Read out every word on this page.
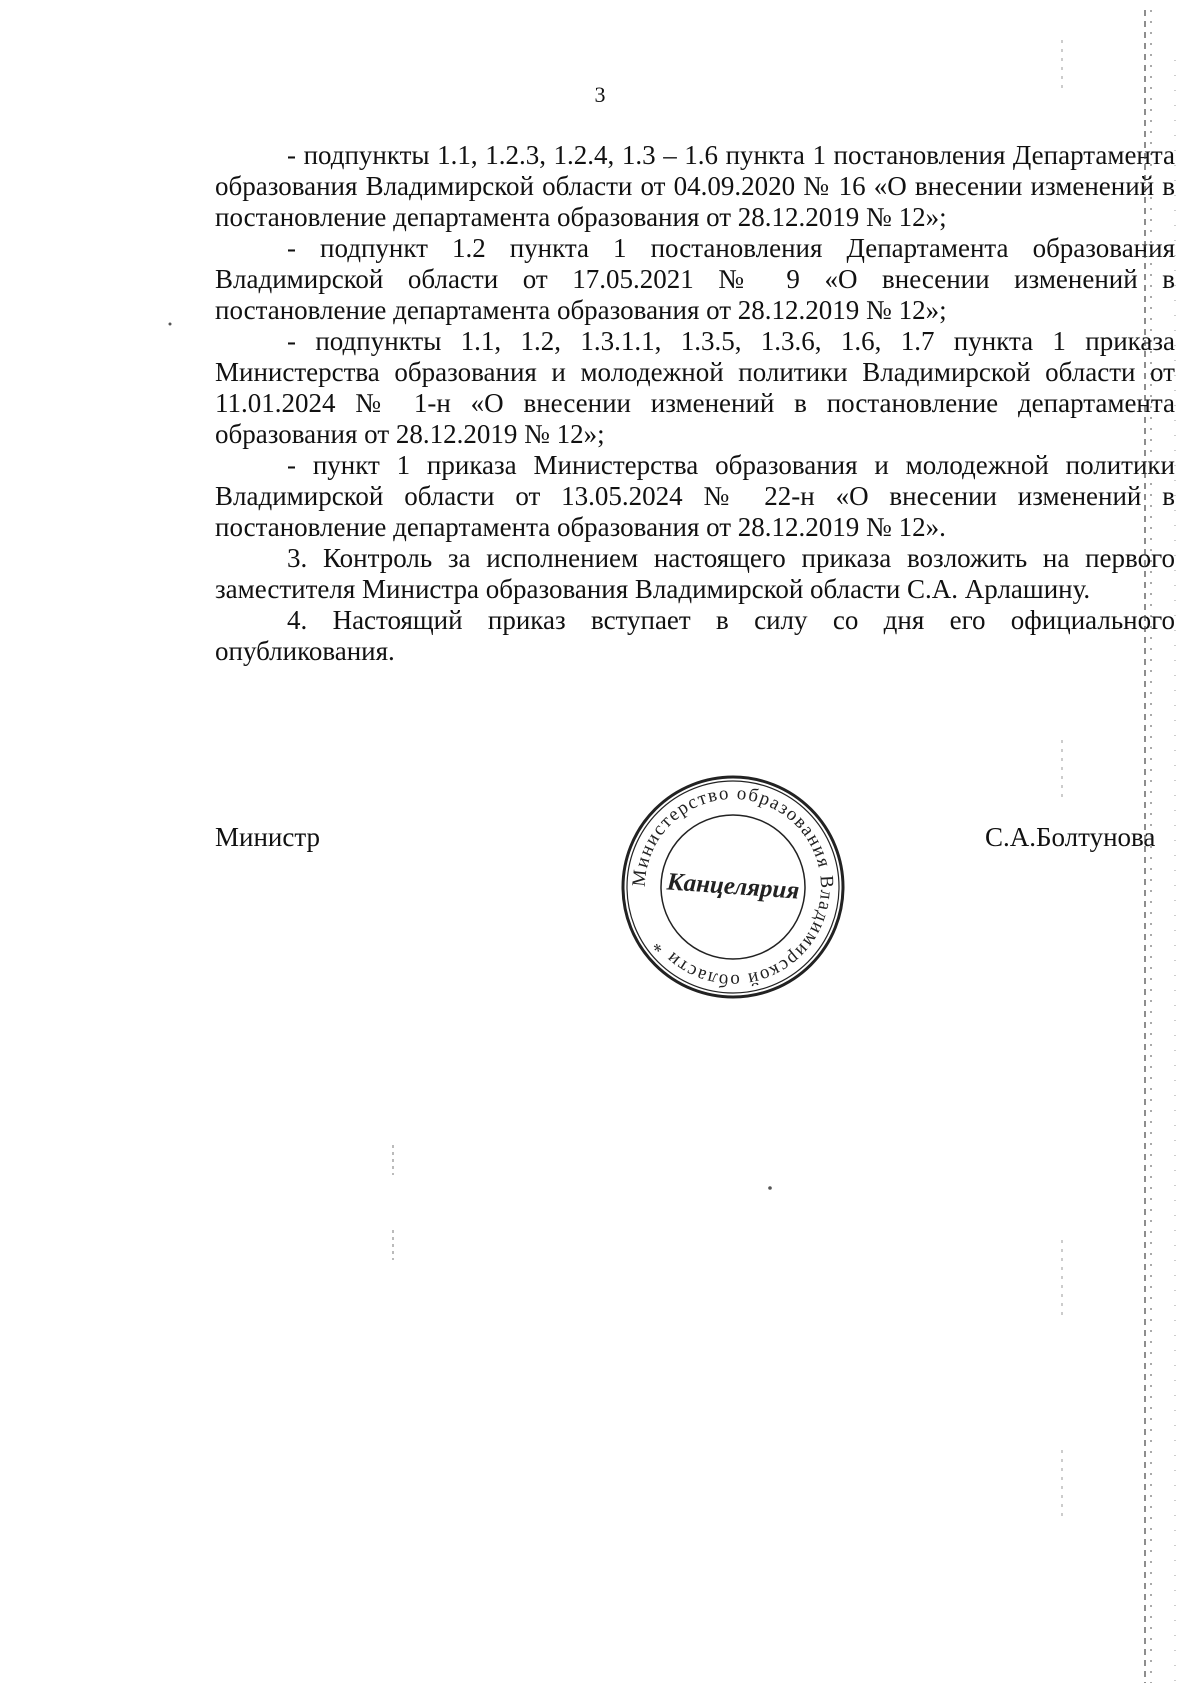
3

- подпункты 1.1, 1.2.3, 1.2.4, 1.3 – 1.6 пункта 1 постановления Департамента образования Владимирской области от 04.09.2020 № 16 «О внесении изменений в постановление департамента образования от 28.12.2019 № 12»;

- подпункт 1.2 пункта 1 постановления Департамента образования Владимирской области от 17.05.2021 № 9 «О внесении изменений в постановление департамента образования от 28.12.2019 № 12»;

- подпункты 1.1, 1.2, 1.3.1.1, 1.3.5, 1.3.6, 1.6, 1.7 пункта 1 приказа Министерства образования и молодежной политики Владимирской области от 11.01.2024 № 1-н «О внесении изменений в постановление департамента образования от 28.12.2019 № 12»;

- пункт 1 приказа Министерства образования и молодежной политики Владимирской области от 13.05.2024 № 22-н «О внесении изменений в постановление департамента образования от 28.12.2019 № 12».

3. Контроль за исполнением настоящего приказа возложить на первого заместителя Министра образования Владимирской области С.А. Арлашину.

4. Настоящий приказ вступает в силу со дня его официального опубликования.

Министр	С.А.Болтунова
Министерство образования Владимирской области *
Канцелярия
